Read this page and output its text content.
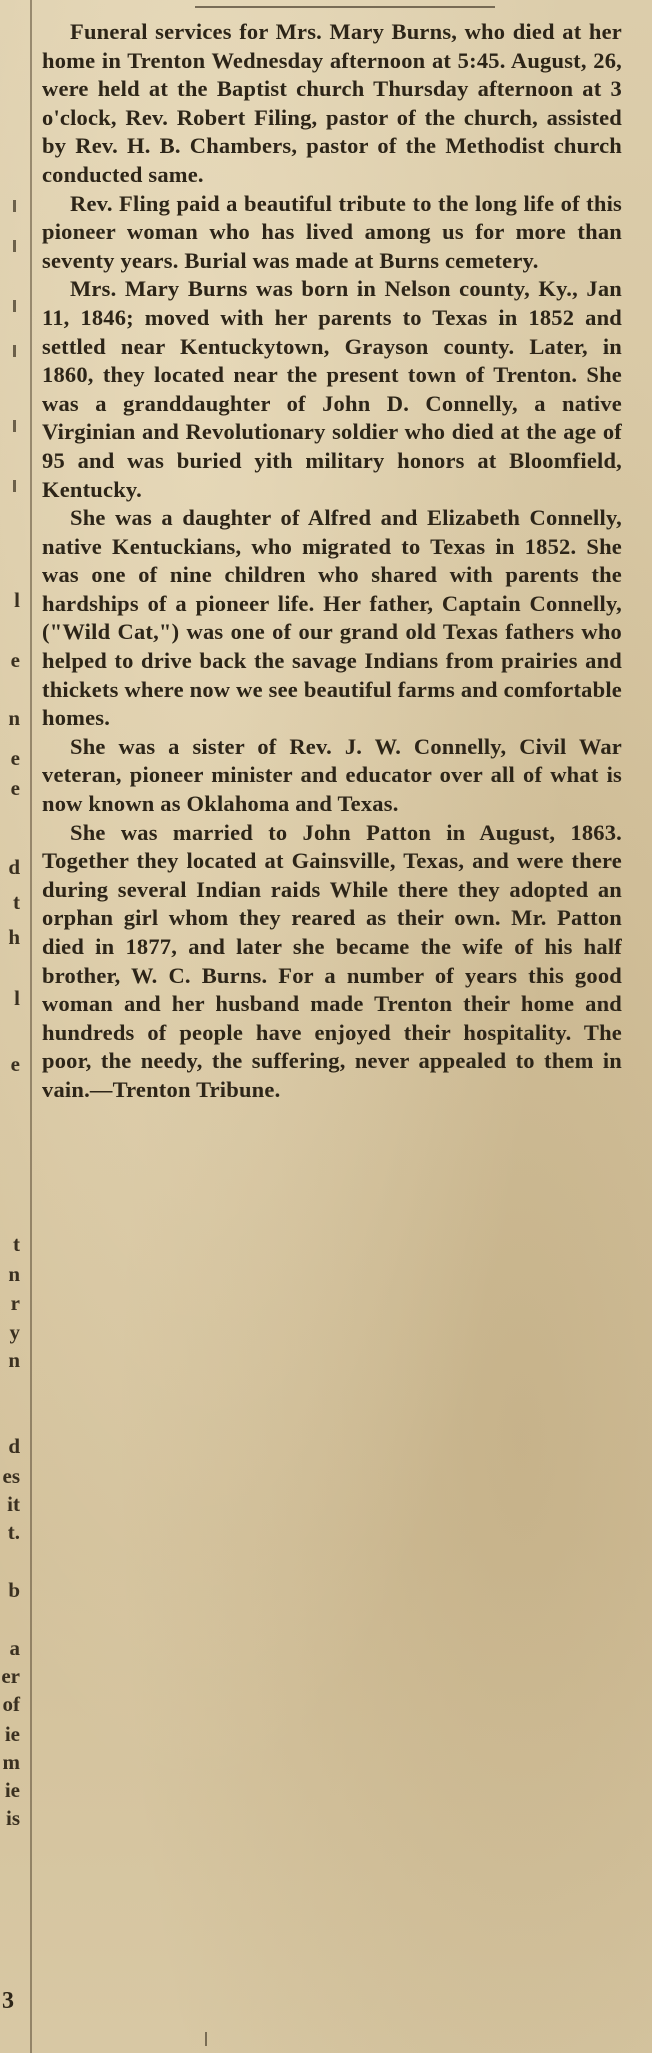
l
e
n
e
e
d
t
h
l
e
t
n
r
y
n
d
es
it
t.
b
a
er
of
ie
m
ie
is

Funeral services for Mrs. Mary Burns, who died at her home in Trenton Wednesday afternoon at 5:45. August, 26, were held at the Baptist church Thursday afternoon at 3 o'clock, Rev. Robert Filing, pastor of the church, assisted by Rev. H. B. Chambers, pastor of the Methodist church conducted same.

Rev. Fling paid a beautiful tribute to the long life of this pioneer woman who has lived among us for more than seventy years. Burial was made at Burns cemetery.

Mrs. Mary Burns was born in Nelson county, Ky., Jan 11, 1846; moved with her parents to Texas in 1852 and settled near Kentuckytown, Grayson county. Later, in 1860, they located near the present town of Trenton. She was a granddaughter of John D. Connelly, a native Virginian and Revolutionary soldier who died at the age of 95 and was buried yith military honors at Bloomfield, Kentucky.

She was a daughter of Alfred and Elizabeth Connelly, native Kentuckians, who migrated to Texas in 1852. She was one of nine children who shared with parents the hardships of a pioneer life. Her father, Captain Connelly, ("Wild Cat,") was one of our grand old Texas fathers who helped to drive back the savage Indians from prairies and thickets where now we see beautiful farms and comfortable homes.

She was a sister of Rev. J. W. Connelly, Civil War veteran, pioneer minister and educator over all of what is now known as Oklahoma and Texas.

She was married to John Patton in August, 1863. Together they located at Gainsville, Texas, and were there during several Indian raids While there they adopted an orphan girl whom they reared as their own. Mr. Patton died in 1877, and later she became the wife of his half brother, W. C. Burns. For a number of years this good woman and her husband made Trenton their home and hundreds of people have enjoyed their hospitality. The poor, the needy, the suffering, never appealed to them in vain.—Trenton Tribune.

3
